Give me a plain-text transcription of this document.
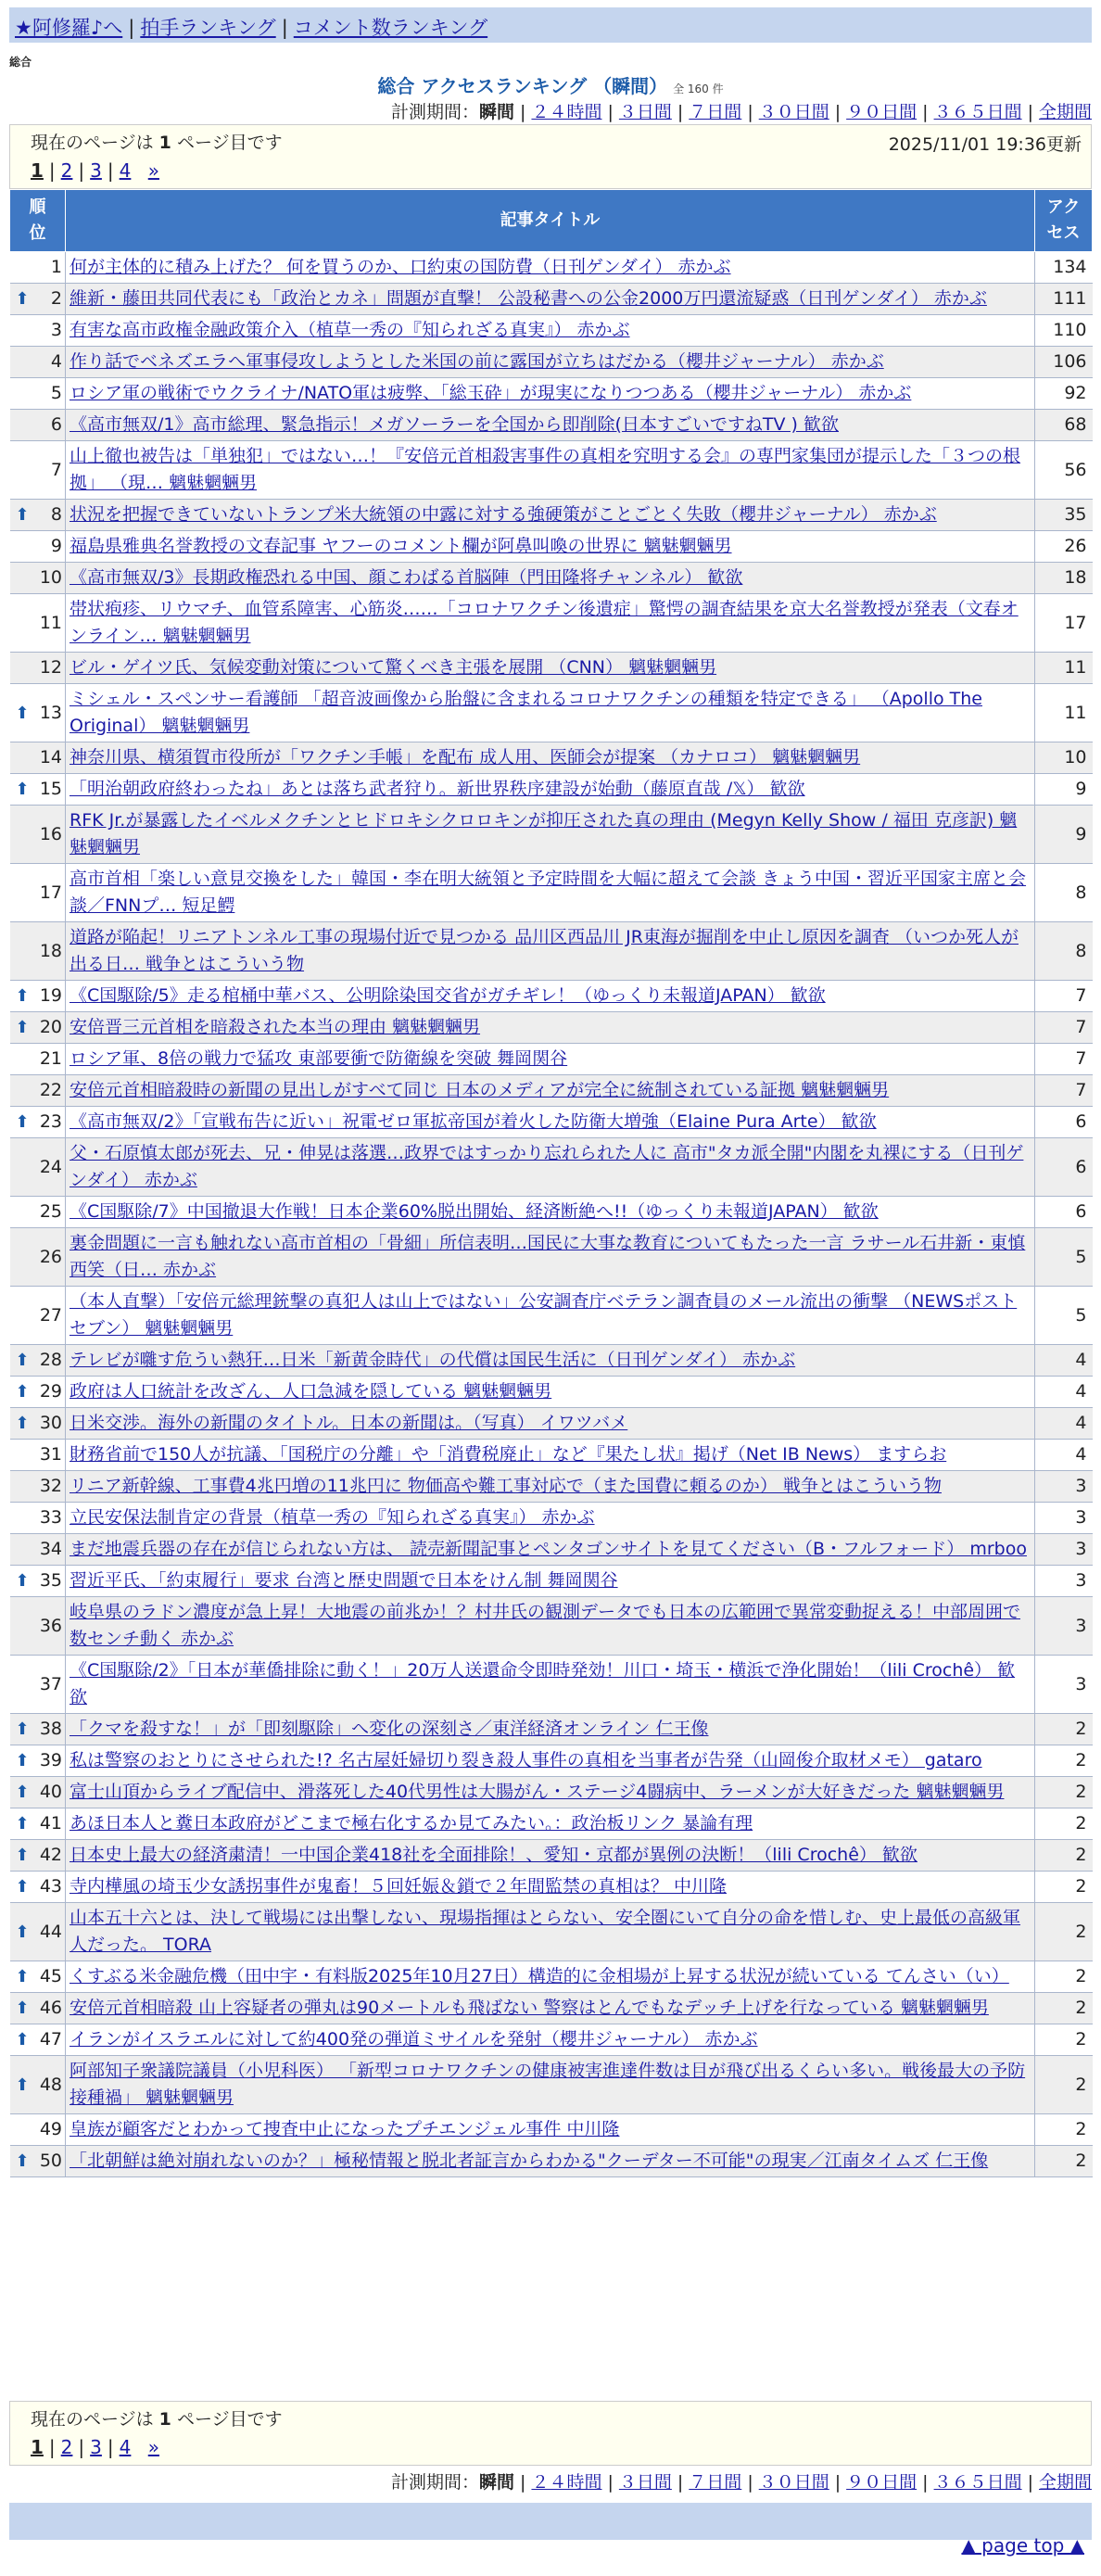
★阿修羅♪へ | 拍手ランキング | コメント数ランキング
総合
総合 アクセスランキング （瞬間） 全 160 件
計測期間：瞬間 | ２４時間 | ３日間 | ７日間 | ３０日間 | ９０日間 | ３６５日間 | 全期間
現在のページは 1 ページ目です	2025/11/01 19:36更新
1 | 2 | 3 | 4 »
順
位	記事タイトル	アク
セス
1	何が主体的に積み上げた？ 何を買うのか、口約束の国防費（日刊ゲンダイ） 赤かぶ	134

⬆ 2	維新・藤田共同代表にも「政治とカネ」問題が直撃！ 公設秘書への公金2000万円還流疑惑（日刊ゲンダイ） 赤かぶ	111
3	有害な高市政権金融政策介入（植草一秀の『知られざる真実』） 赤かぶ	110
4	作り話でベネズエラへ軍事侵攻しようとした米国の前に露国が立ちはだかる（櫻井ジャーナル） 赤かぶ	106
5	ロシア軍の戦術でウクライナ/NATO軍は疲弊、「総玉砕」が現実になりつつある（櫻井ジャーナル） 赤かぶ	92
6	《高市無双/1》高市総理、緊急指示！メガソーラーを全国から即削除(日本すごいですねTV ) 歓欲	68
7	山上徹也被告は「単独犯」ではない…！『安倍元首相殺害事件の真相を究明する会』の専門家集団が提示した「３つの根拠」 （現… 魑魅魍魎男	56

⬆ 8	状況を把握できていないトランプ米大統領の中露に対する強硬策がことごとく失敗（櫻井ジャーナル） 赤かぶ	35
9	福島県雅典名誉教授の文春記事 ヤフーのコメント欄が阿鼻叫喚の世界に 魑魅魍魎男	26
10	《高市無双/3》長期政権恐れる中国、顔こわばる首脳陣（門田隆将チャンネル） 歓欲	18
11	帯状疱疹、リウマチ、血管系障害、心筋炎……「コロナワクチン後遺症」驚愕の調査結果を京大名誉教授が発表（文春オンライン… 魑魅魍魎男	17
12	ビル・ゲイツ氏、気候変動対策について驚くべき主張を展開 （CNN） 魑魅魍魎男	11

⬆ 13	ミシェル・スペンサー看護師 「超音波画像から胎盤に含まれるコロナワクチンの種類を特定できる」 （Apollo The Original） 魑魅魍魎男	11
14	神奈川県、横須賀市役所が「ワクチン手帳」を配布 成人用、医師会が提案 （カナロコ） 魑魅魍魎男	10

⬆ 15	「明治朝政府終わったね」あとは落ち武者狩り。新世界秩序建設が始動（藤原直哉 /𝕏） 歓欲	9
16	RFK Jr.が暴露したイベルメクチンとヒドロキシクロロキンが抑圧された真の理由 (Megyn Kelly Show / 福田 克彦訳) 魑魅魍魎男	9
17	高市首相「楽しい意見交換をした」韓国・李在明大統領と予定時間を大幅に超えて会談 きょう中国・習近平国家主席と会談／FNNプ… 短足鰐	8
18	道路が陥起！リニアトンネル工事の現場付近で見つかる 品川区西品川 JR東海が掘削を中止し原因を調査 （いつか死人が出る日… 戦争とはこういう物	8

⬆ 19	《C国駆除/5》走る棺桶中華バス、公明除染国交省がガチギレ！（ゆっくり未報道JAPAN） 歓欲	7

⬆ 20	安倍晋三元首相を暗殺された本当の理由 魑魅魍魎男	7
21	ロシア軍、8倍の戦力で猛攻 東部要衝で防衛線を突破 舞岡関谷	7
22	安倍元首相暗殺時の新聞の見出しがすべて同じ 日本のメディアが完全に統制されている証拠 魑魅魍魎男	7

⬆ 23	《高市無双/2》「宣戦布告に近い」祝電ゼロ軍拡帝国が着火した防衛大増強（Elaine Pura Arte） 歓欲	6
24	父・石原慎太郎が死去、兄・伸晃は落選…政界ではすっかり忘れられた人に 高市"タカ派全開"内閣を丸裸にする（日刊ゲンダイ） 赤かぶ	6
25	《C国駆除/7》中国撤退大作戦！日本企業60%脱出開始、経済断絶へ!!（ゆっくり未報道JAPAN） 歓欲	6
26	裏金問題に一言も触れない高市首相の「骨細」所信表明…国民に大事な教育についてもたった一言 ラサール石井新・東慎西笑（日… 赤かぶ	5
27	（本人直撃）「安倍元総理銃撃の真犯人は山上ではない」公安調査庁ベテラン調査員のメール流出の衝撃 （NEWSポストセブン） 魑魅魍魎男	5

⬆ 28	テレビが囃す危うい熱狂…日米「新黄金時代」の代償は国民生活に（日刊ゲンダイ） 赤かぶ	4

⬆ 29	政府は人口統計を改ざん、人口急減を隠している 魑魅魍魎男	4

⬆ 30	日米交渉。海外の新聞のタイトル。日本の新聞は。（写真） イワツバメ	4
31	財務省前で150人が抗議、「国税庁の分離」や「消費税廃止」など『果たし状』掲げ（Net IB News） ますらお	4
32	リニア新幹線、工事費4兆円増の11兆円に 物価高や難工事対応で（また国費に頼るのか） 戦争とはこういう物	3
33	立民安保法制肯定の背景（植草一秀の『知られざる真実』） 赤かぶ	3
34	まだ地震兵器の存在が信じられない方は、 読売新聞記事とペンタゴンサイトを見てください（B・フルフォード） mrboo	3

⬆ 35	習近平氏、「約束履行」要求 台湾と歴史問題で日本をけん制 舞岡関谷	3
36	岐阜県のラドン濃度が急上昇！大地震の前兆か！？村井氏の観測データでも日本の広範囲で異常変動捉える！中部周囲で数センチ動く 赤かぶ	3
37	《C国駆除/2》「日本が華僑排除に動く！」20万人送還命令即時発効！川口・埼玉・横浜で浄化開始！（lili Crochê） 歓欲	3

⬆ 38	「クマを殺すな！」が「即刻駆除」へ変化の深刻さ／東洋経済オンライン 仁王像	2

⬆ 39	私は警察のおとりにさせられた!? 名古屋妊婦切り裂き殺人事件の真相を当事者が告発（山岡俊介取材メモ） gataro	2

⬆ 40	富士山頂からライブ配信中、滑落死した40代男性は大腸がん・ステージ4闘病中、ラーメンが大好きだった 魑魅魍魎男	2

⬆ 41	あほ日本人と糞日本政府がどこまで極右化するか見てみたい。：政治板リンク 暴論有理	2

⬆ 42	日本史上最大の経済粛清！一中国企業418社を全面排除！、愛知・京都が異例の決断！（lili Crochê） 歓欲	2

⬆ 43	寺内樺風の埼玉少女誘拐事件が鬼畜！５回妊娠＆鎖で２年間監禁の真相は？ 中川隆	2

⬆ 44	山本五十六とは、決して戦場には出撃しない、現場指揮はとらない、安全圏にいて自分の命を惜しむ、史上最低の高級軍人だった。 TORA	2

⬆ 45	くすぶる米金融危機（田中宇・有料版2025年10月27日）構造的に金相場が上昇する状況が続いている てんさい（い）	2

⬆ 46	安倍元首相暗殺 山上容疑者の弾丸は90メートルも飛ばない 警察はとんでもなデッチ上げを行なっている 魑魅魍魎男	2

⬆ 47	イランがイスラエルに対して約400発の弾道ミサイルを発射（櫻井ジャーナル） 赤かぶ	2

⬆ 48	阿部知子衆議院議員（小児科医） 「新型コロナワクチンの健康被害進達件数は目が飛び出るくらい多い。戦後最大の予防接種禍」 魑魅魍魎男	2
49	皇族が顧客だとわかって捜査中止になったプチエンジェル事件 中川隆	2

⬆ 50	「北朝鮮は絶対崩れないのか？」極秘情報と脱北者証言からわかる"クーデター不可能"の現実／江南タイムズ 仁王像	2
現在のページは 1 ページ目です
1 | 2 | 3 | 4 »
計測期間：瞬間 | ２４時間 | ３日間 | ７日間 | ３０日間 | ９０日間 | ３６５日間 | 全期間
▲ page top ▲
